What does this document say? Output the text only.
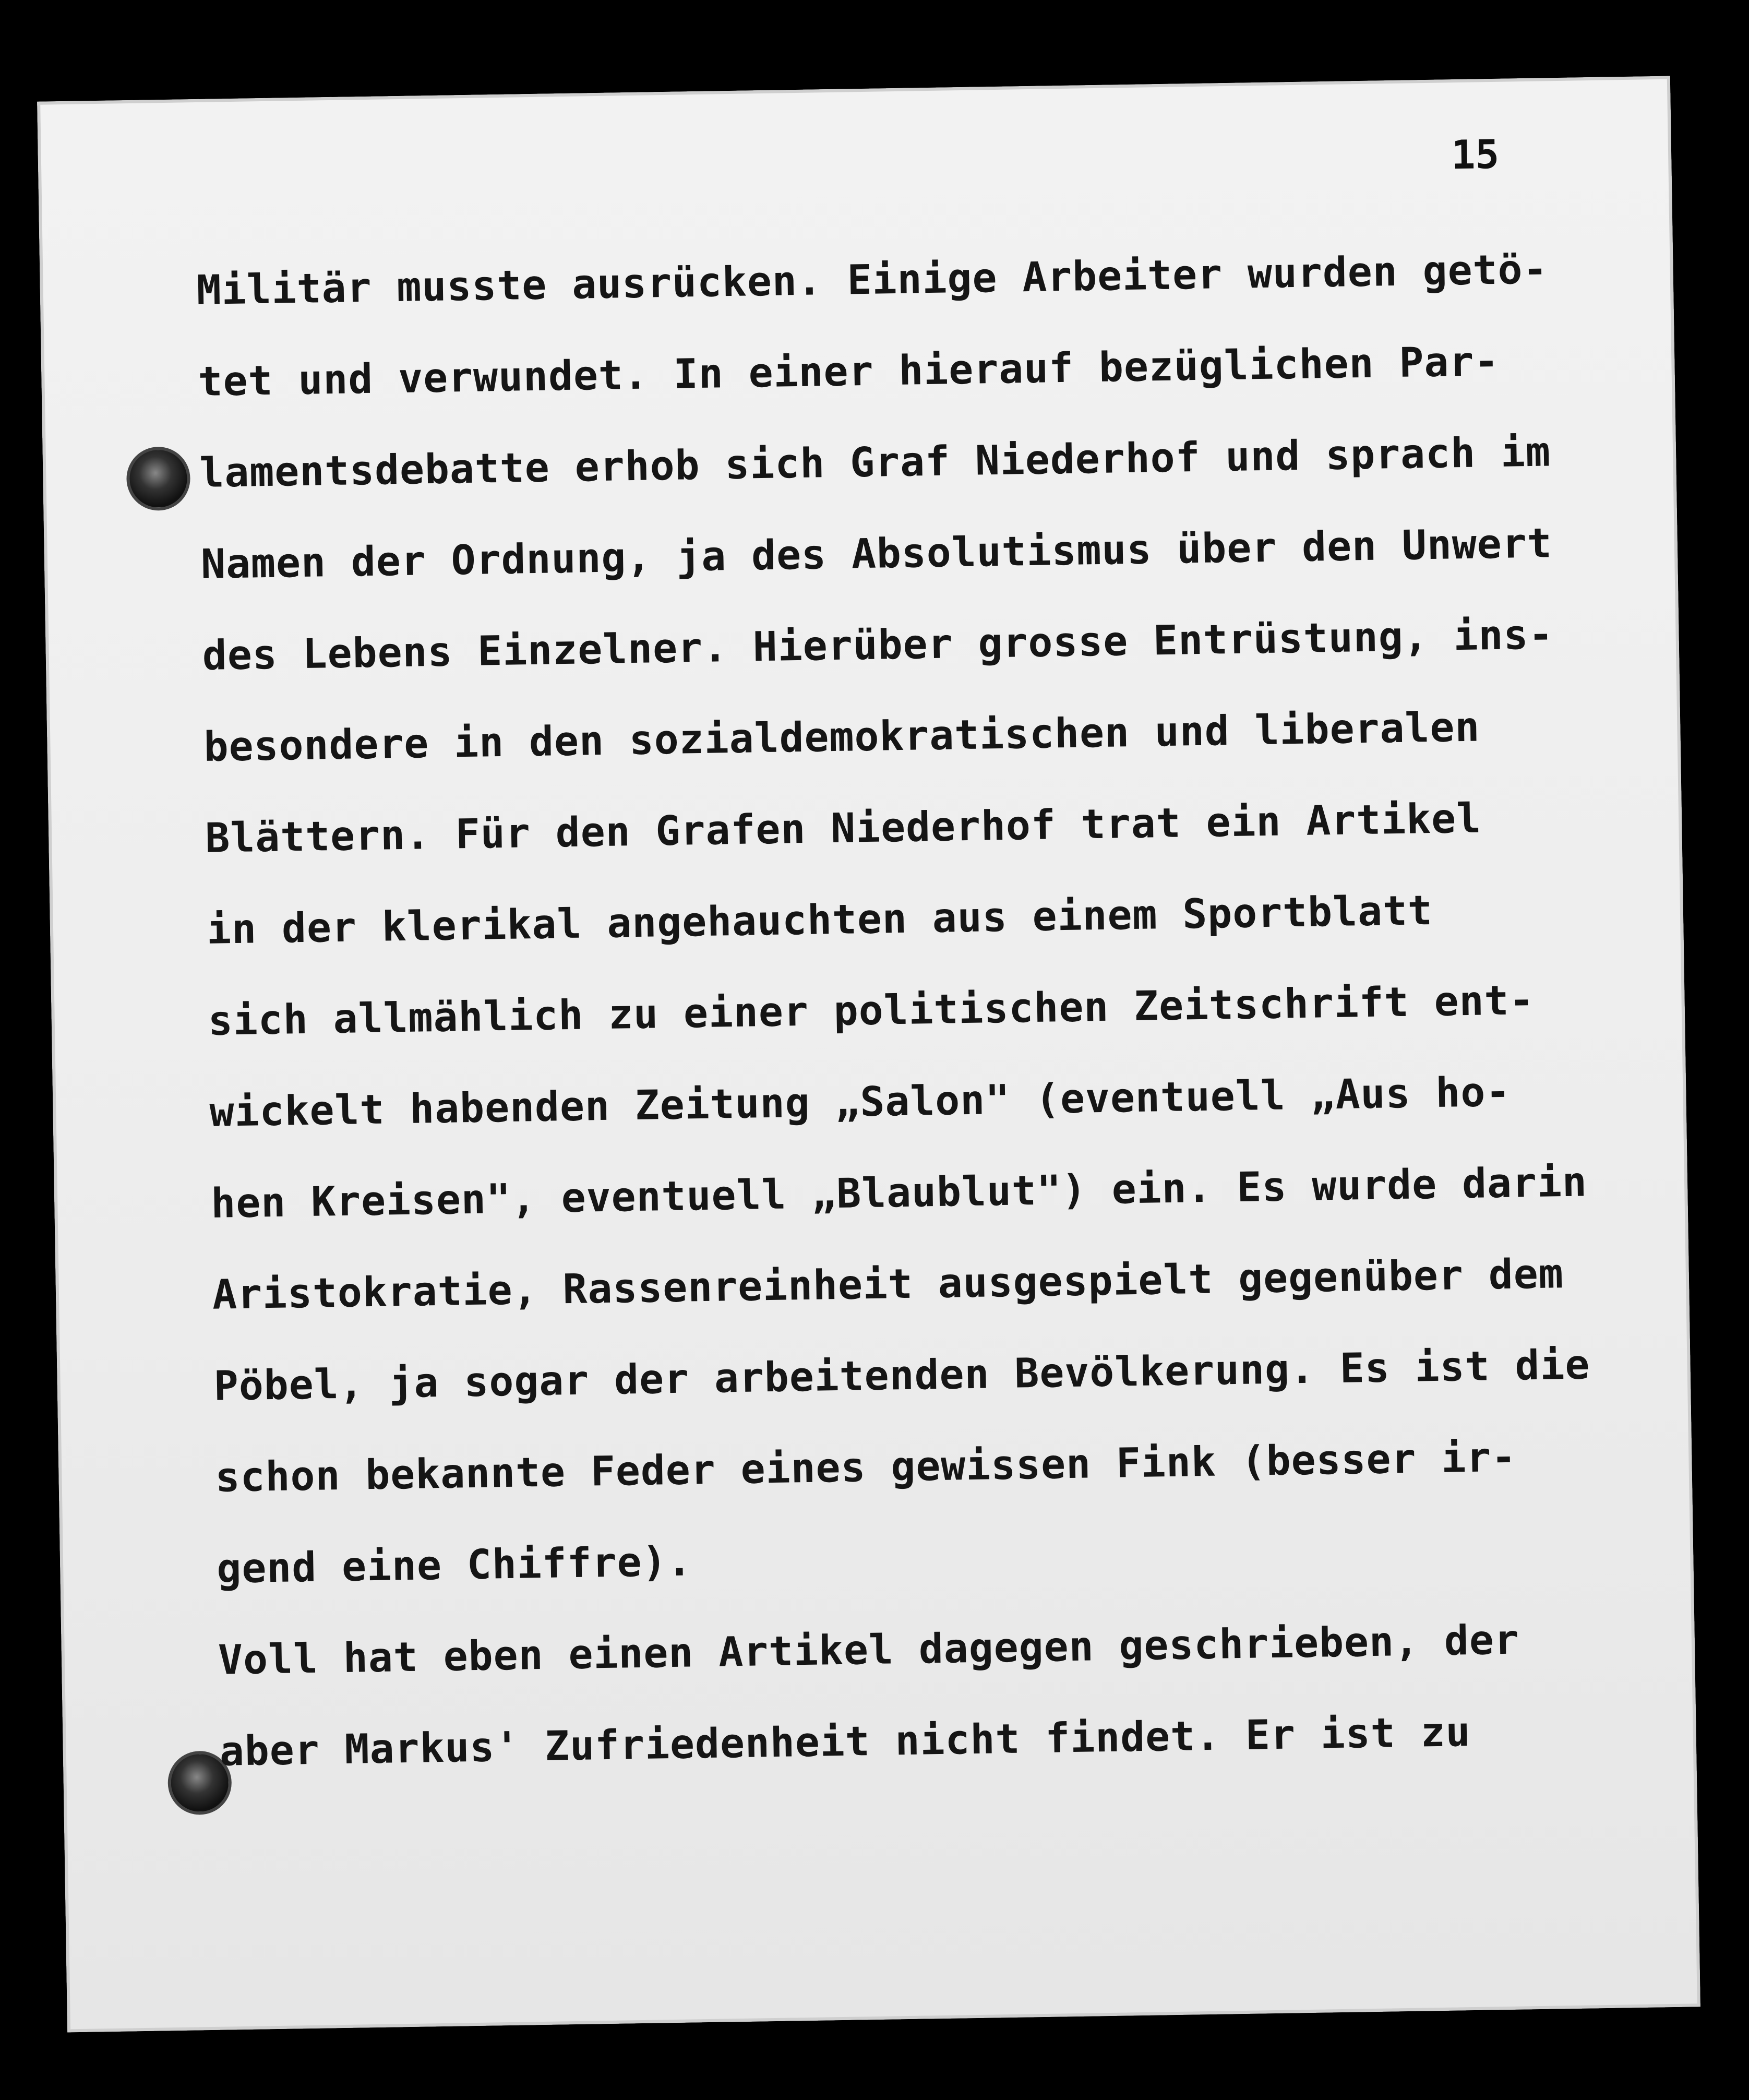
15
Militär musste ausrücken. Einige Arbeiter wurden getö-
tet und verwundet. In einer hierauf bezüglichen Par-
lamentsdebatte erhob sich Graf Niederhof und sprach im
Namen der Ordnung, ja des Absolutismus über den Unwert
des Lebens Einzelner. Hierüber grosse Entrüstung, ins-
besondere in den sozialdemokratischen und liberalen
Blättern. Für den Grafen Niederhof trat ein Artikel
in der klerikal angehauchten aus einem Sportblatt
sich allmählich zu einer politischen Zeitschrift ent-
wickelt habenden Zeitung „Salon" (eventuell „Aus ho-
hen Kreisen", eventuell „Blaublut") ein. Es wurde darin
Aristokratie, Rassenreinheit ausgespielt gegenüber dem
Pöbel, ja sogar der arbeitenden Bevölkerung. Es ist die
schon bekannte Feder eines gewissen Fink (besser ir-
gend eine Chiffre).
Voll hat eben einen Artikel dagegen geschrieben, der
aber Markus' Zufriedenheit nicht findet. Er ist zu
